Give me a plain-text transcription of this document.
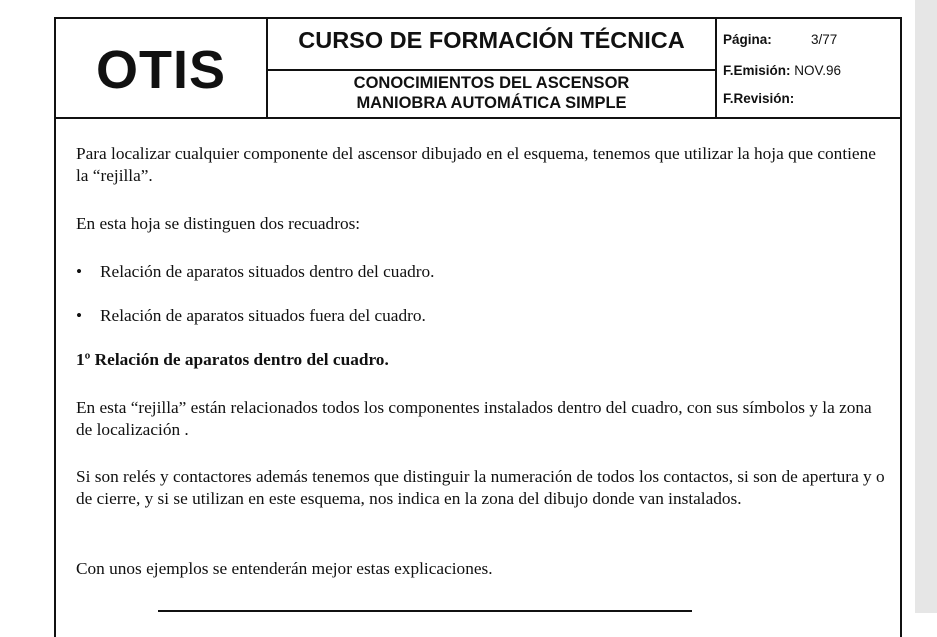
OTIS	CURSO DE FORMACIÓN TÉCNICA
CONOCIMIENTOS DEL ASCENSOR
MANIOBRA AUTOMÁTICA SIMPLE
Página:	3/77
F.Emisión: NOV.96
F.Revisión:

Para localizar cualquier componente del ascensor dibujado en el esquema, tenemos que utilizar la hoja que contiene la “rejilla”.

En esta hoja se distinguen dos recuadros:

• Relación de aparatos situados dentro del cuadro.

• Relación de aparatos situados fuera del cuadro.

1º Relación de aparatos dentro del cuadro.

En esta “rejilla” están relacionados todos los componentes instalados dentro del cuadro, con sus símbolos y la zona de localización .

Si son relés y contactores además tenemos que distinguir la numeración de todos los contactos, si son de apertura y o de cierre, y si se utilizan en este esquema, nos indica en la zona del dibujo donde van instalados.

Con unos ejemplos se entenderán mejor estas explicaciones.
